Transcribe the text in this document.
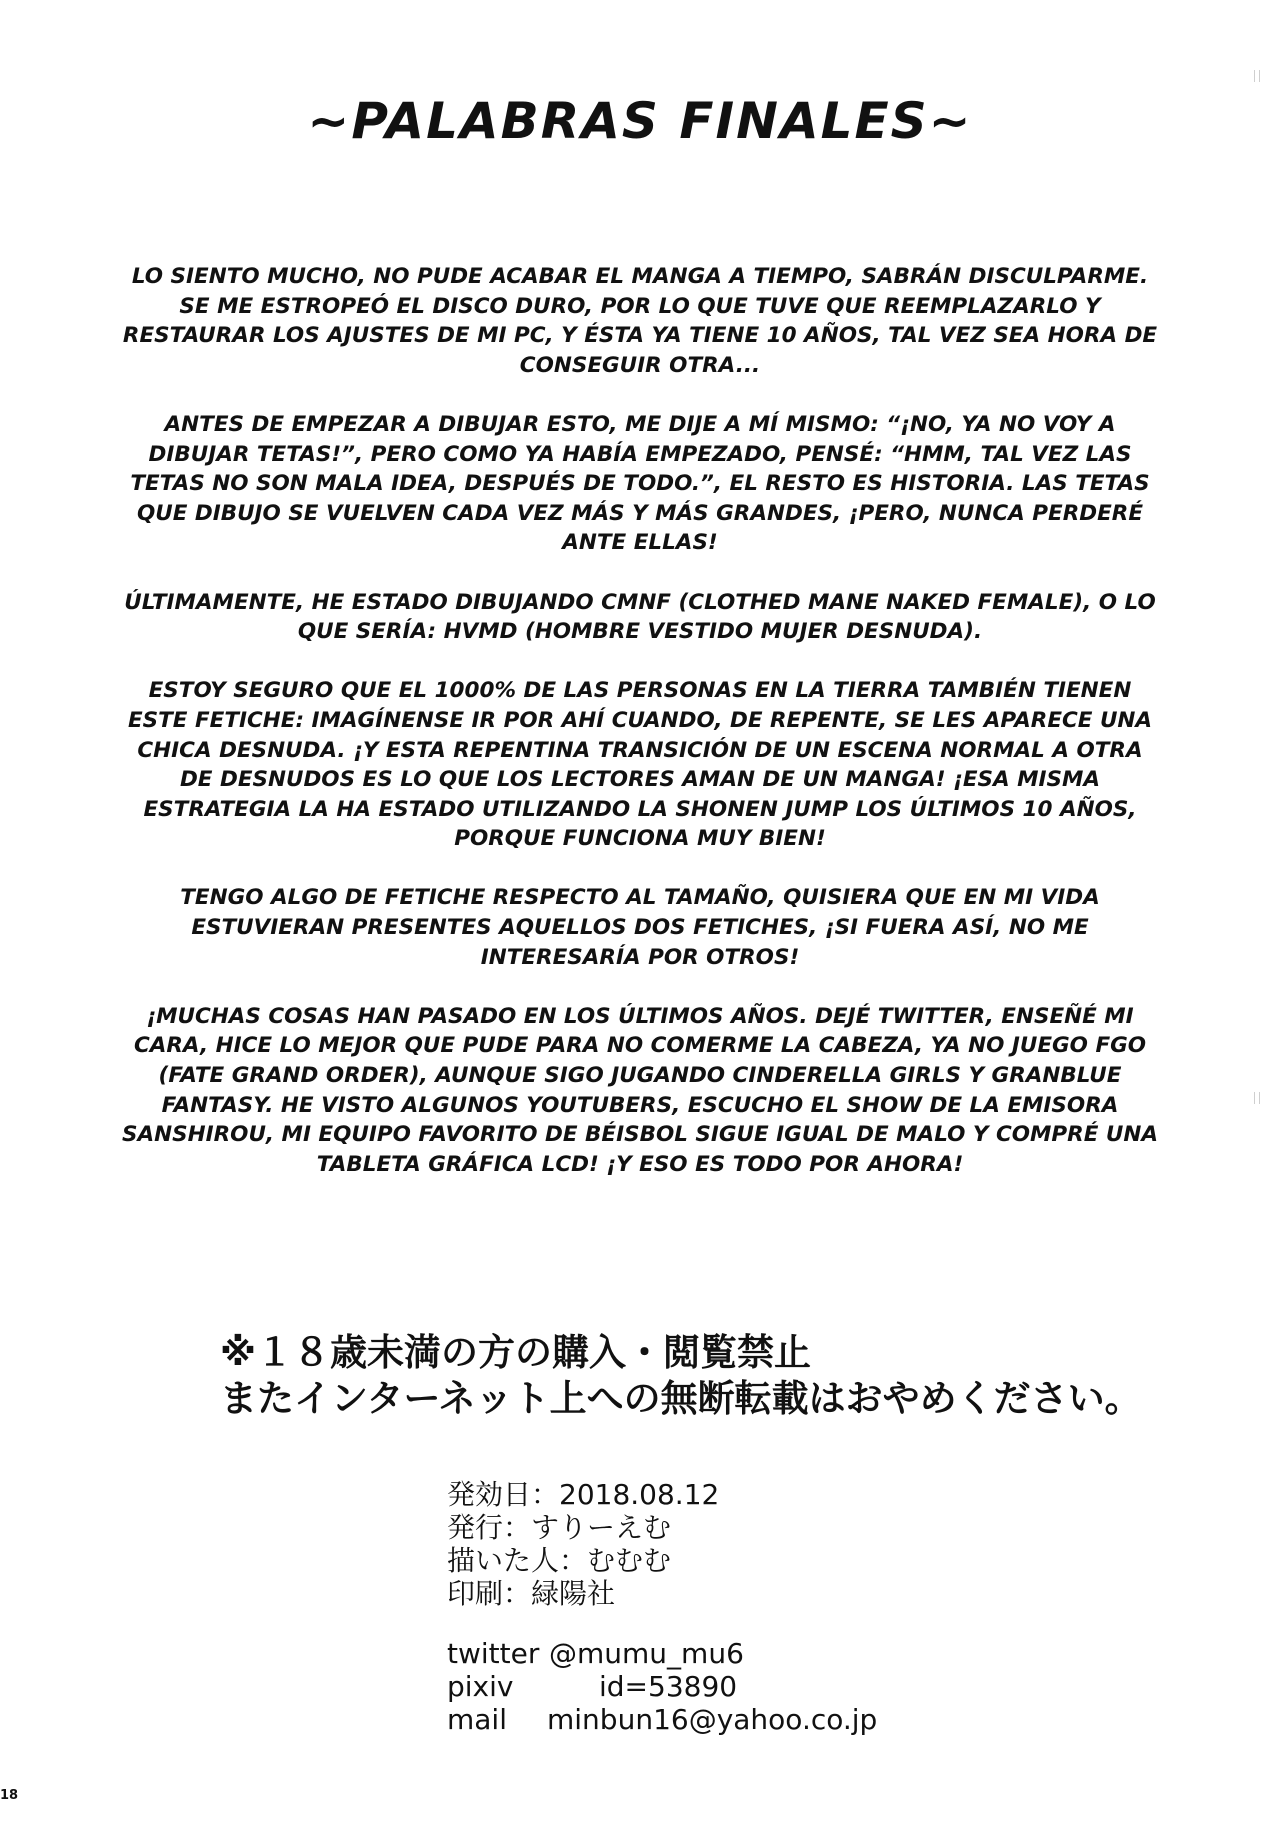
~PALABRAS FINALES~

LO SIENTO MUCHO, NO PUDE ACABAR EL MANGA A TIEMPO, SABRÁN DISCULPARME. SE ME ESTROPEÓ EL DISCO DURO, POR LO QUE TUVE QUE REEMPLAZARLO Y RESTAURAR LOS AJUSTES DE MI PC, Y ÉSTA YA TIENE 10 AÑOS, TAL VEZ SEA HORA DE CONSEGUIR OTRA...

ANTES DE EMPEZAR A DIBUJAR ESTO, ME DIJE A MÍ MISMO: “¡NO, YA NO VOY A DIBUJAR TETAS!”, PERO COMO YA HABÍA EMPEZADO, PENSÉ: “HMM, TAL VEZ LAS TETAS NO SON MALA IDEA, DESPUÉS DE TODO.”, EL RESTO ES HISTORIA. LAS TETAS QUE DIBUJO SE VUELVEN CADA VEZ MÁS Y MÁS GRANDES, ¡PERO, NUNCA PERDERÉ ANTE ELLAS!

ÚLTIMAMENTE, HE ESTADO DIBUJANDO CMNF (CLOTHED MANE NAKED FEMALE), O LO QUE SERÍA: HVMD (HOMBRE VESTIDO MUJER DESNUDA).

ESTOY SEGURO QUE EL 1000% DE LAS PERSONAS EN LA TIERRA TAMBIÉN TIENEN ESTE FETICHE: IMAGÍNENSE IR POR AHÍ CUANDO, DE REPENTE, SE LES APARECE UNA CHICA DESNUDA. ¡Y ESTA REPENTINA TRANSICIÓN DE UN ESCENA NORMAL A OTRA DE DESNUDOS ES LO QUE LOS LECTORES AMAN DE UN MANGA! ¡ESA MISMA ESTRATEGIA LA HA ESTADO UTILIZANDO LA SHONEN JUMP LOS ÚLTIMOS 10 AÑOS, PORQUE FUNCIONA MUY BIEN!

TENGO ALGO DE FETICHE RESPECTO AL TAMAÑO, QUISIERA QUE EN MI VIDA ESTUVIERAN PRESENTES AQUELLOS DOS FETICHES, ¡SI FUERA ASÍ, NO ME INTERESARÍA POR OTROS!

¡MUCHAS COSAS HAN PASADO EN LOS ÚLTIMOS AÑOS. DEJÉ TWITTER, ENSEÑÉ MI CARA, HICE LO MEJOR QUE PUDE PARA NO COMERME LA CABEZA, YA NO JUEGO FGO (FATE GRAND ORDER), AUNQUE SIGO JUGANDO CINDERELLA GIRLS Y GRANBLUE FANTASY. HE VISTO ALGUNOS YOUTUBERS, ESCUCHO EL SHOW DE LA EMISORA SANSHIROU, MI EQUIPO FAVORITO DE BÉISBOL SIGUE IGUAL DE MALO Y COMPRÉ UNA TABLETA GRÁFICA LCD! ¡Y ESO ES TODO POR AHORA!

※１８歳未満の方の購入・閲覧禁止
またインターネット上への無断転載はおやめください。
発効日：2018.08.12
発行：すりーえむ
描いた人：むむむ
印刷：緑陽社
twitter @mumu_mu6
pixiv	id=53890
mail minbun16@yahoo.co.jp
18
